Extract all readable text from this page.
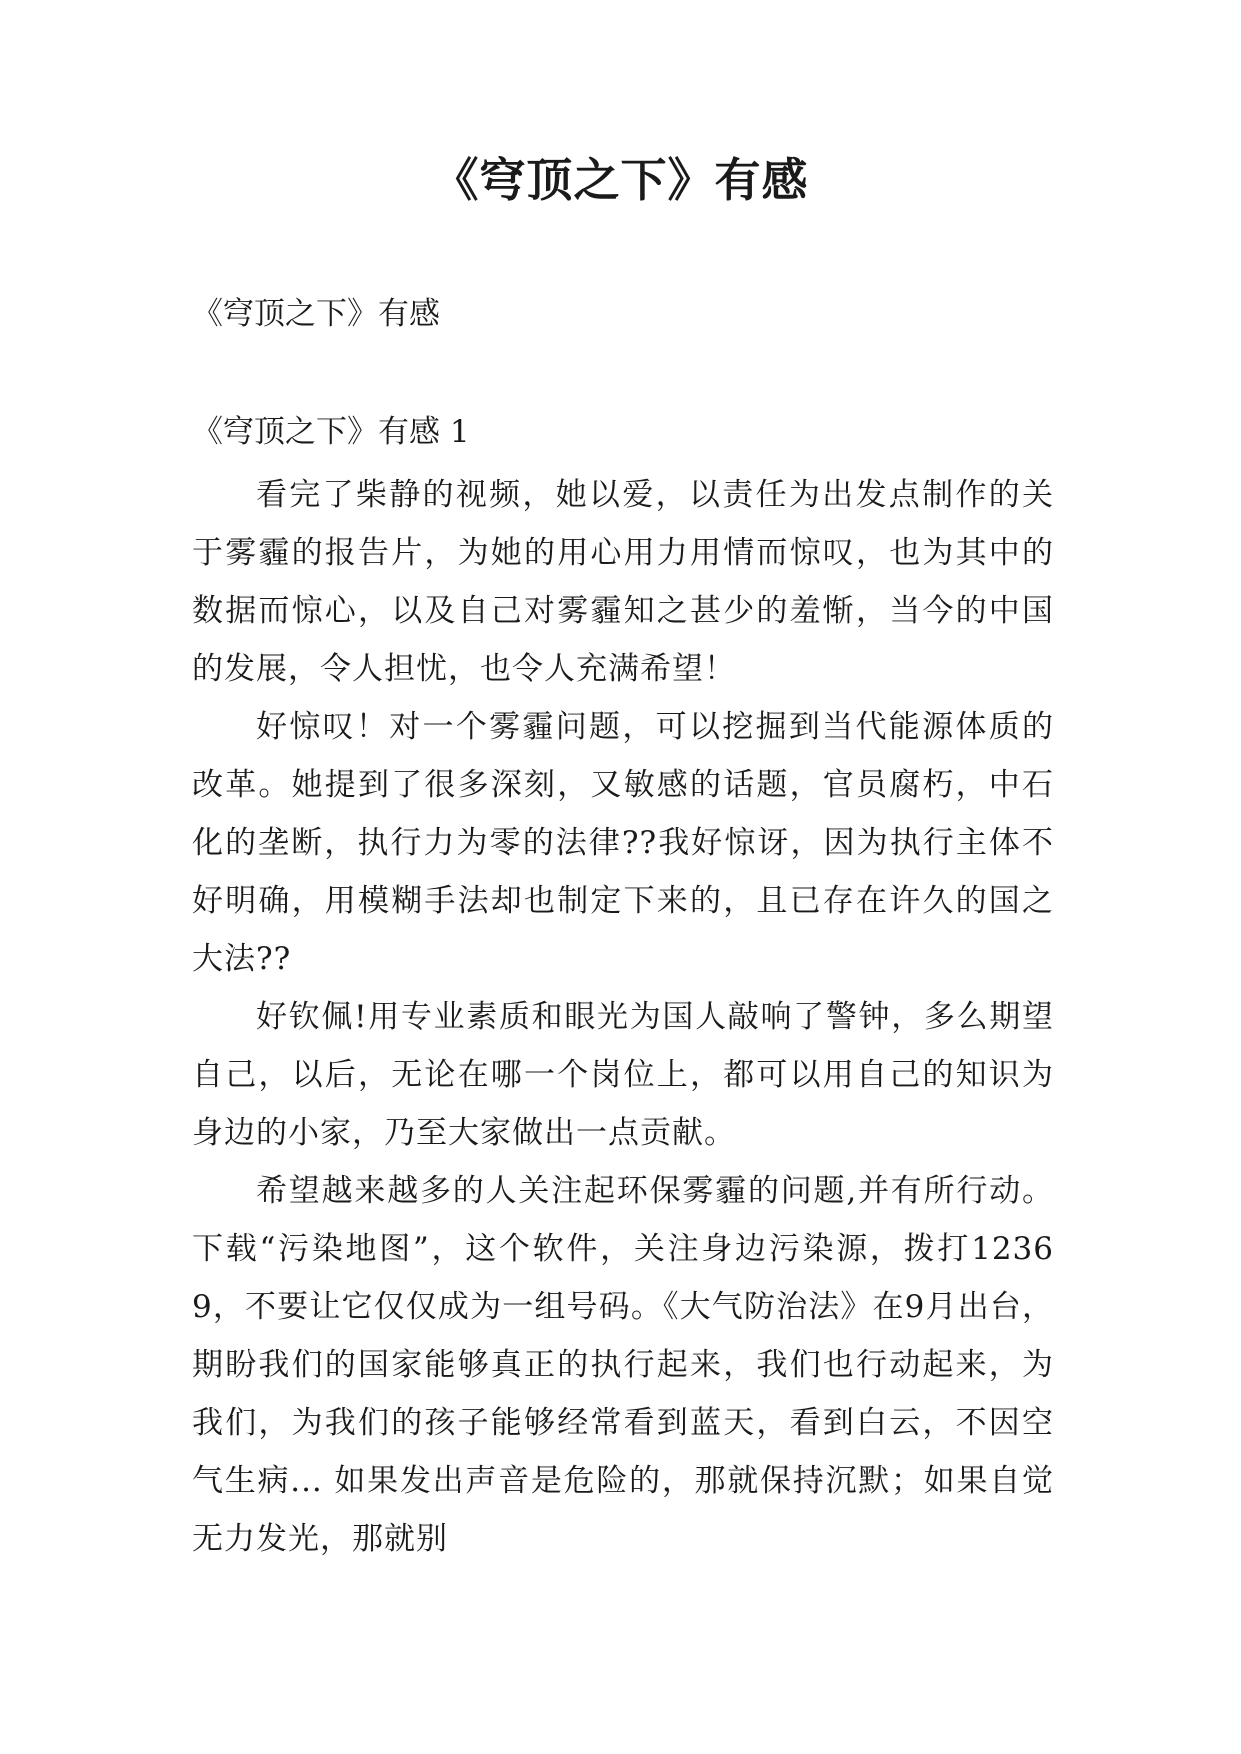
《穹顶之下》有感

《穹顶之下》有感

《穹顶之下》有感 1

看完了柴静的视频，她以爱，以责任为出发点制作的关于雾霾的报告片，为她的用心用力用情而惊叹，也为其中的数据而惊心，以及自己对雾霾知之甚少的羞惭，当今的中国的发展，令人担忧，也令人充满希望！

好惊叹！对一个雾霾问题，可以挖掘到当代能源体质的改革。她提到了很多深刻，又敏感的话题，官员腐朽，中石化的垄断，执行力为零的法律??我好惊讶，因为执行主体不好明确，用模糊手法却也制定下来的，且已存在许久的国之大法??

好钦佩!用专业素质和眼光为国人敲响了警钟，多么期望自己，以后，无论在哪一个岗位上，都可以用自己的知识为身边的小家，乃至大家做出一点贡献。

希望越来越多的人关注起环保雾霾的问题,并有所行动。下载“污染地图”，这个软件，关注身边污染源，拨打12369，不要让它仅仅成为一组号码。《大气防治法》在9月出台，期盼我们的国家能够真正的执行起来，我们也行动起来，为我们，为我们的孩子能够经常看到蓝天，看到白云，不因空气生病... 如果发出声音是危险的，那就保持沉默；如果自觉无力发光，那就别
